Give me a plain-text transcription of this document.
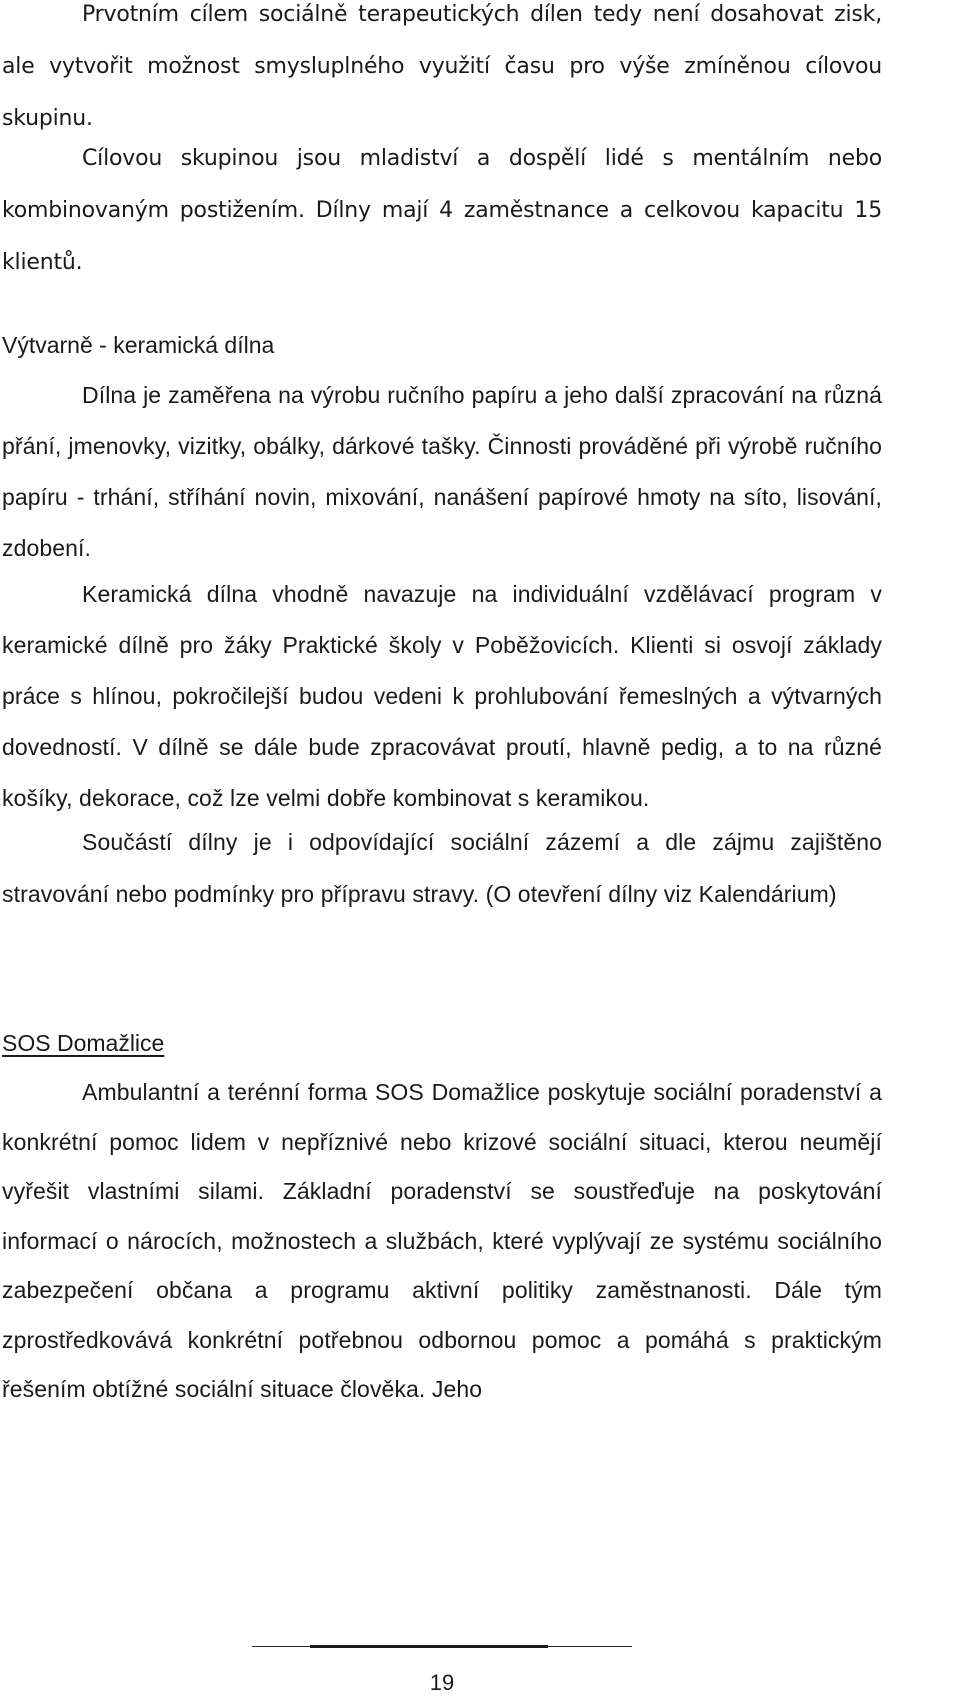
Prvotním cílem sociálně terapeutických dílen tedy není dosahovat zisk, ale vytvořit možnost smysluplného využití času pro výše zmíněnou cílovou skupinu.

Cílovou skupinou jsou mladiství a dospělí lidé s mentálním nebo kombinovaným postižením. Dílny mají 4 zaměstnance a celkovou kapacitu 15 klientů.

Výtvarně - keramická dílna

Dílna je zaměřena na výrobu ručního papíru a jeho další zpracování na různá přání, jmenovky, vizitky, obálky, dárkové tašky. Činnosti prováděné při výrobě ručního papíru - trhání, stříhání novin, mixování, nanášení papírové hmoty na síto, lisování, zdobení.

Keramická dílna vhodně navazuje na individuální vzdělávací program v keramické dílně pro žáky Praktické školy v Poběžovicích. Klienti si osvojí základy práce s hlínou, pokročilejší budou vedeni k prohlubování řemeslných a výtvarných dovedností. V dílně se dále bude zpracovávat proutí, hlavně pedig, a to na různé košíky, dekorace, což lze velmi dobře kombinovat s keramikou.

Součástí dílny je i odpovídající sociální zázemí a dle zájmu zajištěno stravování nebo podmínky pro přípravu stravy. (O otevření dílny viz Kalendárium)

SOS Domažlice

Ambulantní a terénní forma SOS Domažlice poskytuje sociální poradenství a konkrétní pomoc lidem v nepříznivé nebo krizové sociální situaci, kterou neumějí vyřešit vlastními silami. Základní poradenství se soustřeďuje na poskytování informací o nárocích, možnostech a službách, které vyplývají ze systému sociálního zabezpečení občana a programu aktivní politiky zaměstnanosti. Dále tým zprostředkovává konkrétní potřebnou odbornou pomoc a pomáhá s praktickým řešením obtížné sociální situace člověka. Jeho

19
